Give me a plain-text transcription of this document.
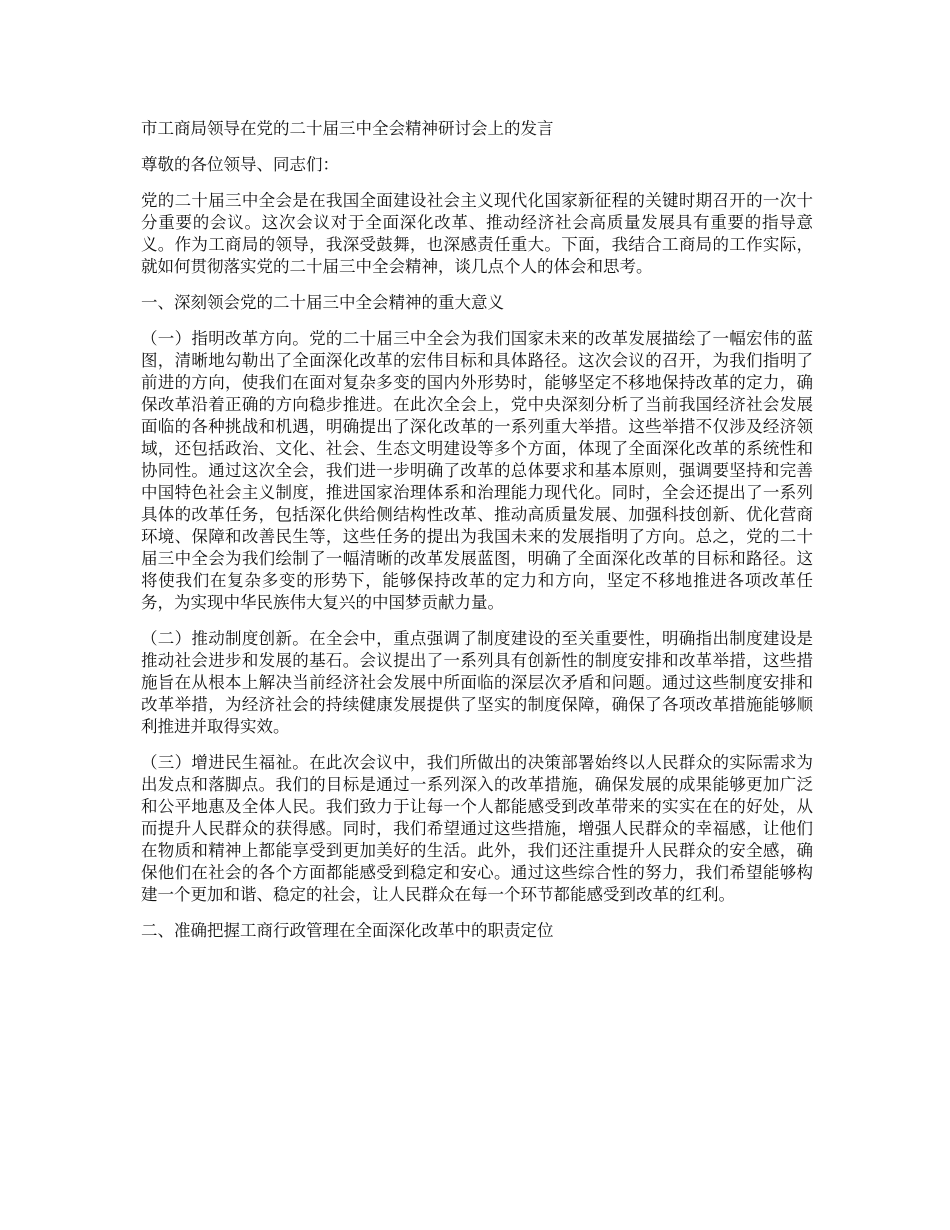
市工商局领导在党的二十届三中全会精神研讨会上的发言

尊敬的各位领导、同志们：

党的二十届三中全会是在我国全面建设社会主义现代化国家新征程的关键时期召开的一次十分重要的会议。这次会议对于全面深化改革、推动经济社会高质量发展具有重要的指导意义。作为工商局的领导，我深受鼓舞，也深感责任重大。下面，我结合工商局的工作实际，就如何贯彻落实党的二十届三中全会精神，谈几点个人的体会和思考。

一、深刻领会党的二十届三中全会精神的重大意义

（一）指明改革方向。党的二十届三中全会为我们国家未来的改革发展描绘了一幅宏伟的蓝图，清晰地勾勒出了全面深化改革的宏伟目标和具体路径。这次会议的召开，为我们指明了前进的方向，使我们在面对复杂多变的国内外形势时，能够坚定不移地保持改革的定力，确保改革沿着正确的方向稳步推进。在此次全会上，党中央深刻分析了当前我国经济社会发展面临的各种挑战和机遇，明确提出了深化改革的一系列重大举措。这些举措不仅涉及经济领域，还包括政治、文化、社会、生态文明建设等多个方面，体现了全面深化改革的系统性和协同性。通过这次全会，我们进一步明确了改革的总体要求和基本原则，强调要坚持和完善中国特色社会主义制度，推进国家治理体系和治理能力现代化。同时，全会还提出了一系列具体的改革任务，包括深化供给侧结构性改革、推动高质量发展、加强科技创新、优化营商环境、保障和改善民生等，这些任务的提出为我国未来的发展指明了方向。总之，党的二十届三中全会为我们绘制了一幅清晰的改革发展蓝图，明确了全面深化改革的目标和路径。这将使我们在复杂多变的形势下，能够保持改革的定力和方向，坚定不移地推进各项改革任务，为实现中华民族伟大复兴的中国梦贡献力量。

（二）推动制度创新。在全会中，重点强调了制度建设的至关重要性，明确指出制度建设是推动社会进步和发展的基石。会议提出了一系列具有创新性的制度安排和改革举措，这些措施旨在从根本上解决当前经济社会发展中所面临的深层次矛盾和问题。通过这些制度安排和改革举措，为经济社会的持续健康发展提供了坚实的制度保障，确保了各项改革措施能够顺利推进并取得实效。

（三）增进民生福祉。在此次会议中，我们所做出的决策部署始终以人民群众的实际需求为出发点和落脚点。我们的目标是通过一系列深入的改革措施，确保发展的成果能够更加广泛和公平地惠及全体人民。我们致力于让每一个人都能感受到改革带来的实实在在的好处，从而提升人民群众的获得感。同时，我们希望通过这些措施，增强人民群众的幸福感，让他们在物质和精神上都能享受到更加美好的生活。此外，我们还注重提升人民群众的安全感，确保他们在社会的各个方面都能感受到稳定和安心。通过这些综合性的努力，我们希望能够构建一个更加和谐、稳定的社会，让人民群众在每一个环节都能感受到改革的红利。

二、准确把握工商行政管理在全面深化改革中的职责定位
